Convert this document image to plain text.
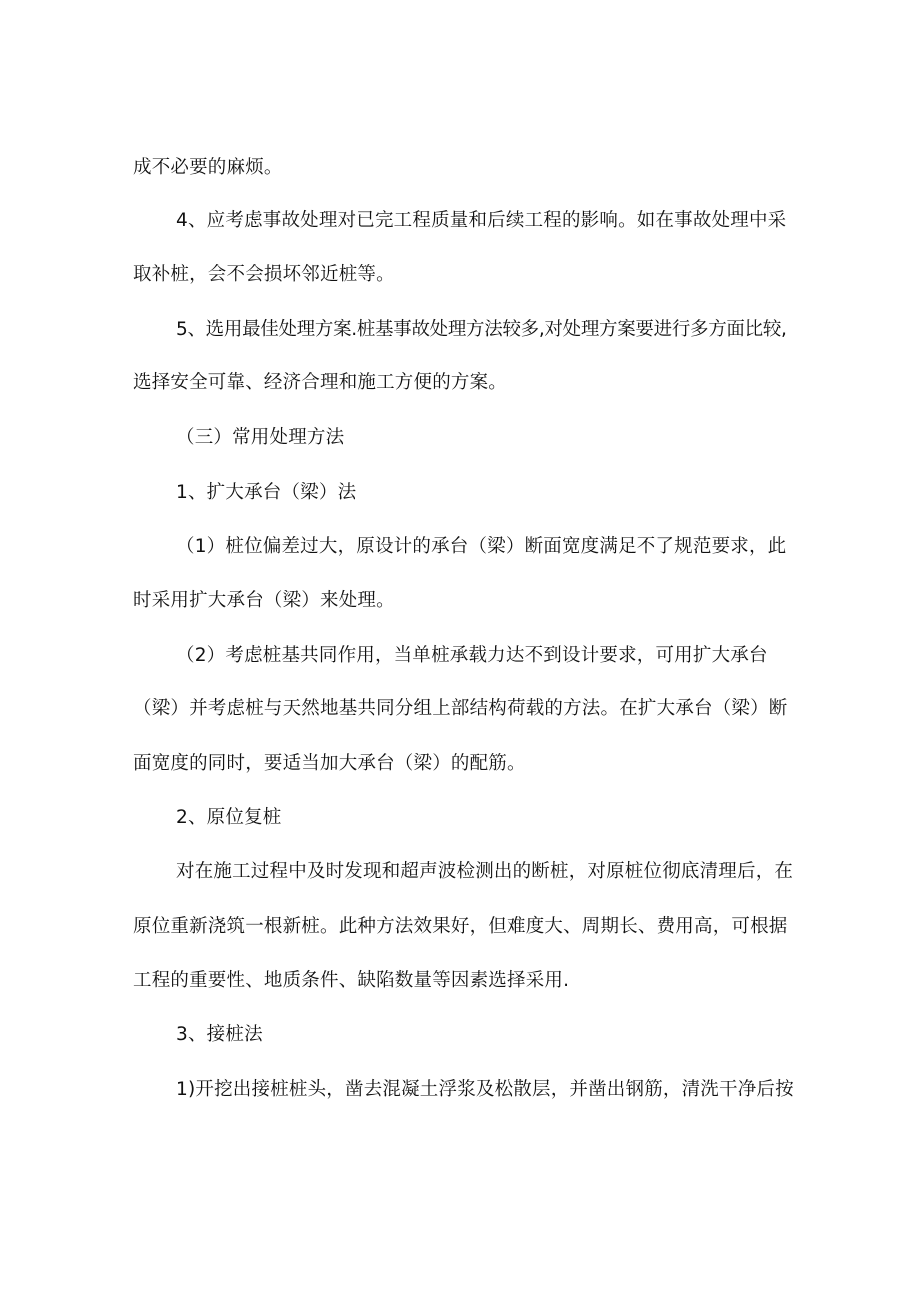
成不必要的麻烦。

4、应考虑事故处理对已完工程质量和后续工程的影响。如在事故处理中采

取补桩，会不会损坏邻近桩等。

5、选用最佳处理方案.桩基事故处理方法较多,对处理方案要进行多方面比较,

选择安全可靠、经济合理和施工方便的方案。

（三）常用处理方法

1、扩大承台（梁）法

（1）桩位偏差过大，原设计的承台（梁）断面宽度满足不了规范要求，此

时采用扩大承台（梁）来处理。

（2）考虑桩基共同作用，当单桩承载力达不到设计要求，可用扩大承台

（梁）并考虑桩与天然地基共同分组上部结构荷载的方法。在扩大承台（梁）断

面宽度的同时，要适当加大承台（梁）的配筋。

2、原位复桩

对在施工过程中及时发现和超声波检测出的断桩，对原桩位彻底清理后，在

原位重新浇筑一根新桩。此种方法效果好，但难度大、周期长、费用高，可根据

工程的重要性、地质条件、缺陷数量等因素选择采用.

3、接桩法

1)开挖出接桩桩头，凿去混凝土浮浆及松散层，并凿出钢筋，清洗干净后按
